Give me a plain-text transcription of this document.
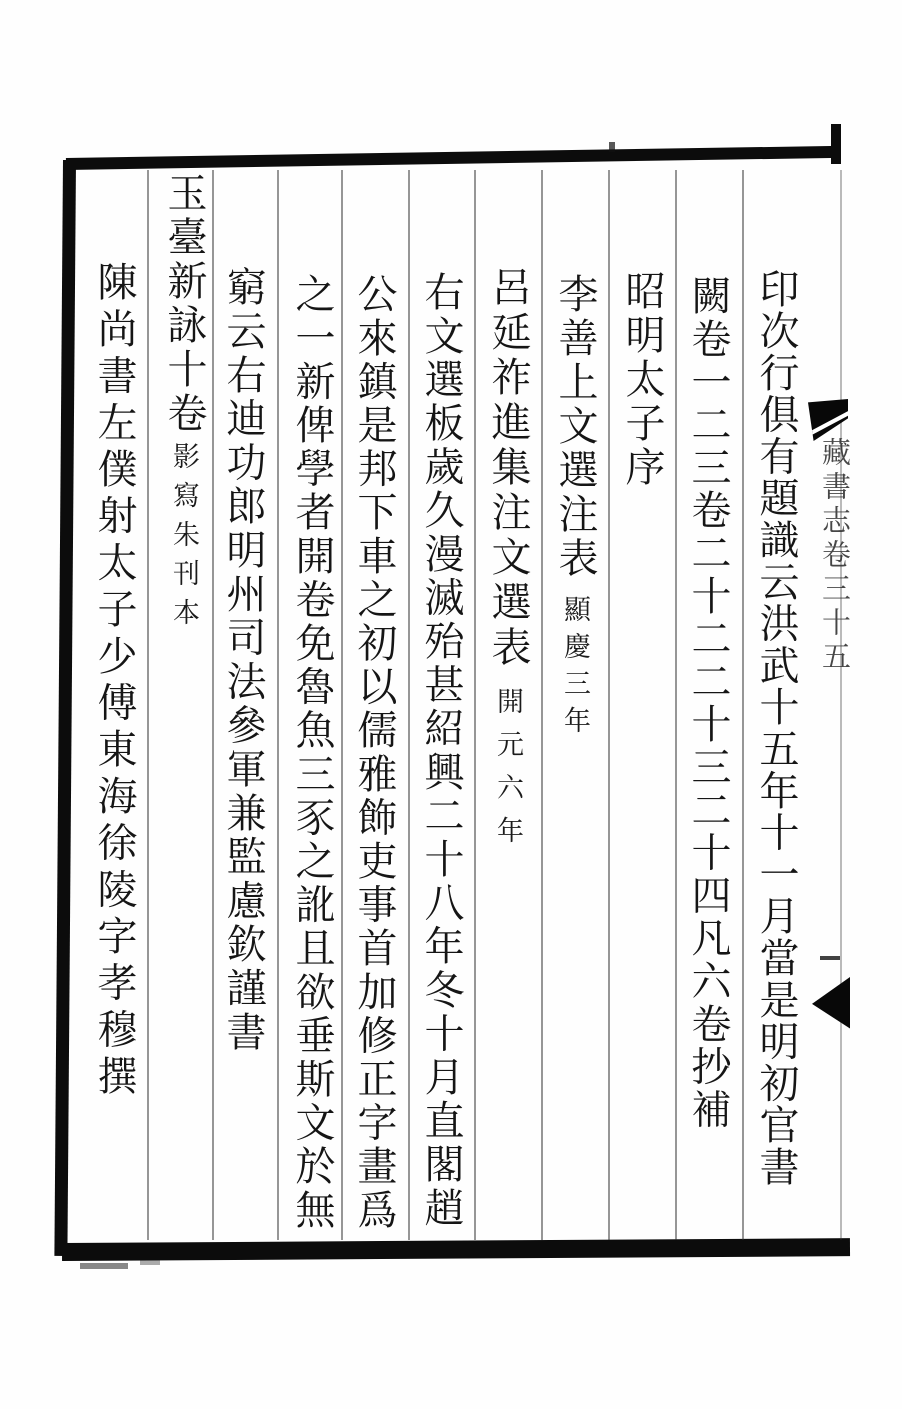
藏書志卷三十五
印次行俱有題識云洪武十五年十一月當是明初官書
闕卷一二三卷二十二二十三二十四凡六卷抄補
昭明太子序
李善上文選注表顯慶三年
呂延祚進集注文選表開元六年
右文選板歲久漫滅殆甚紹興二十八年冬十月直閣趙
公來鎮是邦下車之初以儒雅飾吏事首加修正字畫爲
之一新俾學者開卷免魯魚三豕之訛且欲垂斯文於無
窮云右迪功郎明州司法參軍兼監慮欽謹書
玉臺新詠十卷影寫朱刊本
陳尚書左僕射太子少傅東海徐陵字孝穆撰
